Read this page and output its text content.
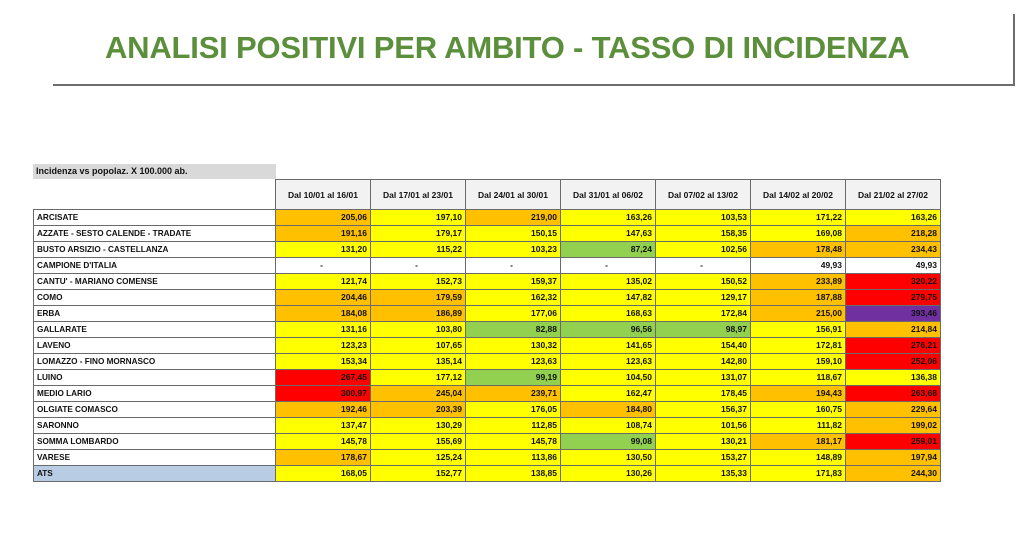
ANALISI POSITIVI PER AMBITO - TASSO DI INCIDENZA
Incidenza vs popolaz. X 100.000 ab.
	Dal 10/01 al 16/01	Dal 17/01 al 23/01	Dal 24/01 al 30/01	Dal 31/01 al 06/02	Dal 07/02 al 13/02	Dal 14/02 al 20/02	Dal 21/02 al 27/02
ARCISATE	205,06	197,10	219,00	163,26	103,53	171,22	163,26
AZZATE - SESTO CALENDE - TRADATE	191,16	179,17	150,15	147,63	158,35	169,08	218,28
BUSTO ARSIZIO - CASTELLANZA	131,20	115,22	103,23	87,24	102,56	178,48	234,43
CAMPIONE D'ITALIA	-	-	-	-	-	49,93	49,93
CANTU' - MARIANO COMENSE	121,74	152,73	159,37	135,02	150,52	233,89	320,22
COMO	204,46	179,59	162,32	147,82	129,17	187,88	279,75
ERBA	184,08	186,89	177,06	168,63	172,84	215,00	393,46
GALLARATE	131,16	103,80	82,88	96,56	98,97	156,91	214,84
LAVENO	123,23	107,65	130,32	141,65	154,40	172,81	276,21
LOMAZZO - FINO MORNASCO	153,34	135,14	123,63	123,63	142,80	159,10	252,06
LUINO	267,45	177,12	99,19	104,50	131,07	118,67	136,38
MEDIO LARIO	300,97	245,04	239,71	162,47	178,45	194,43	263,68
OLGIATE COMASCO	192,46	203,39	176,05	184,80	156,37	160,75	229,64
SARONNO	137,47	130,29	112,85	108,74	101,56	111,82	199,02
SOMMA LOMBARDO	145,78	155,69	145,78	99,08	130,21	181,17	259,01
VARESE	178,67	125,24	113,86	130,50	153,27	148,89	197,94
ATS	168,05	152,77	138,85	130,26	135,33	171,83	244,30
